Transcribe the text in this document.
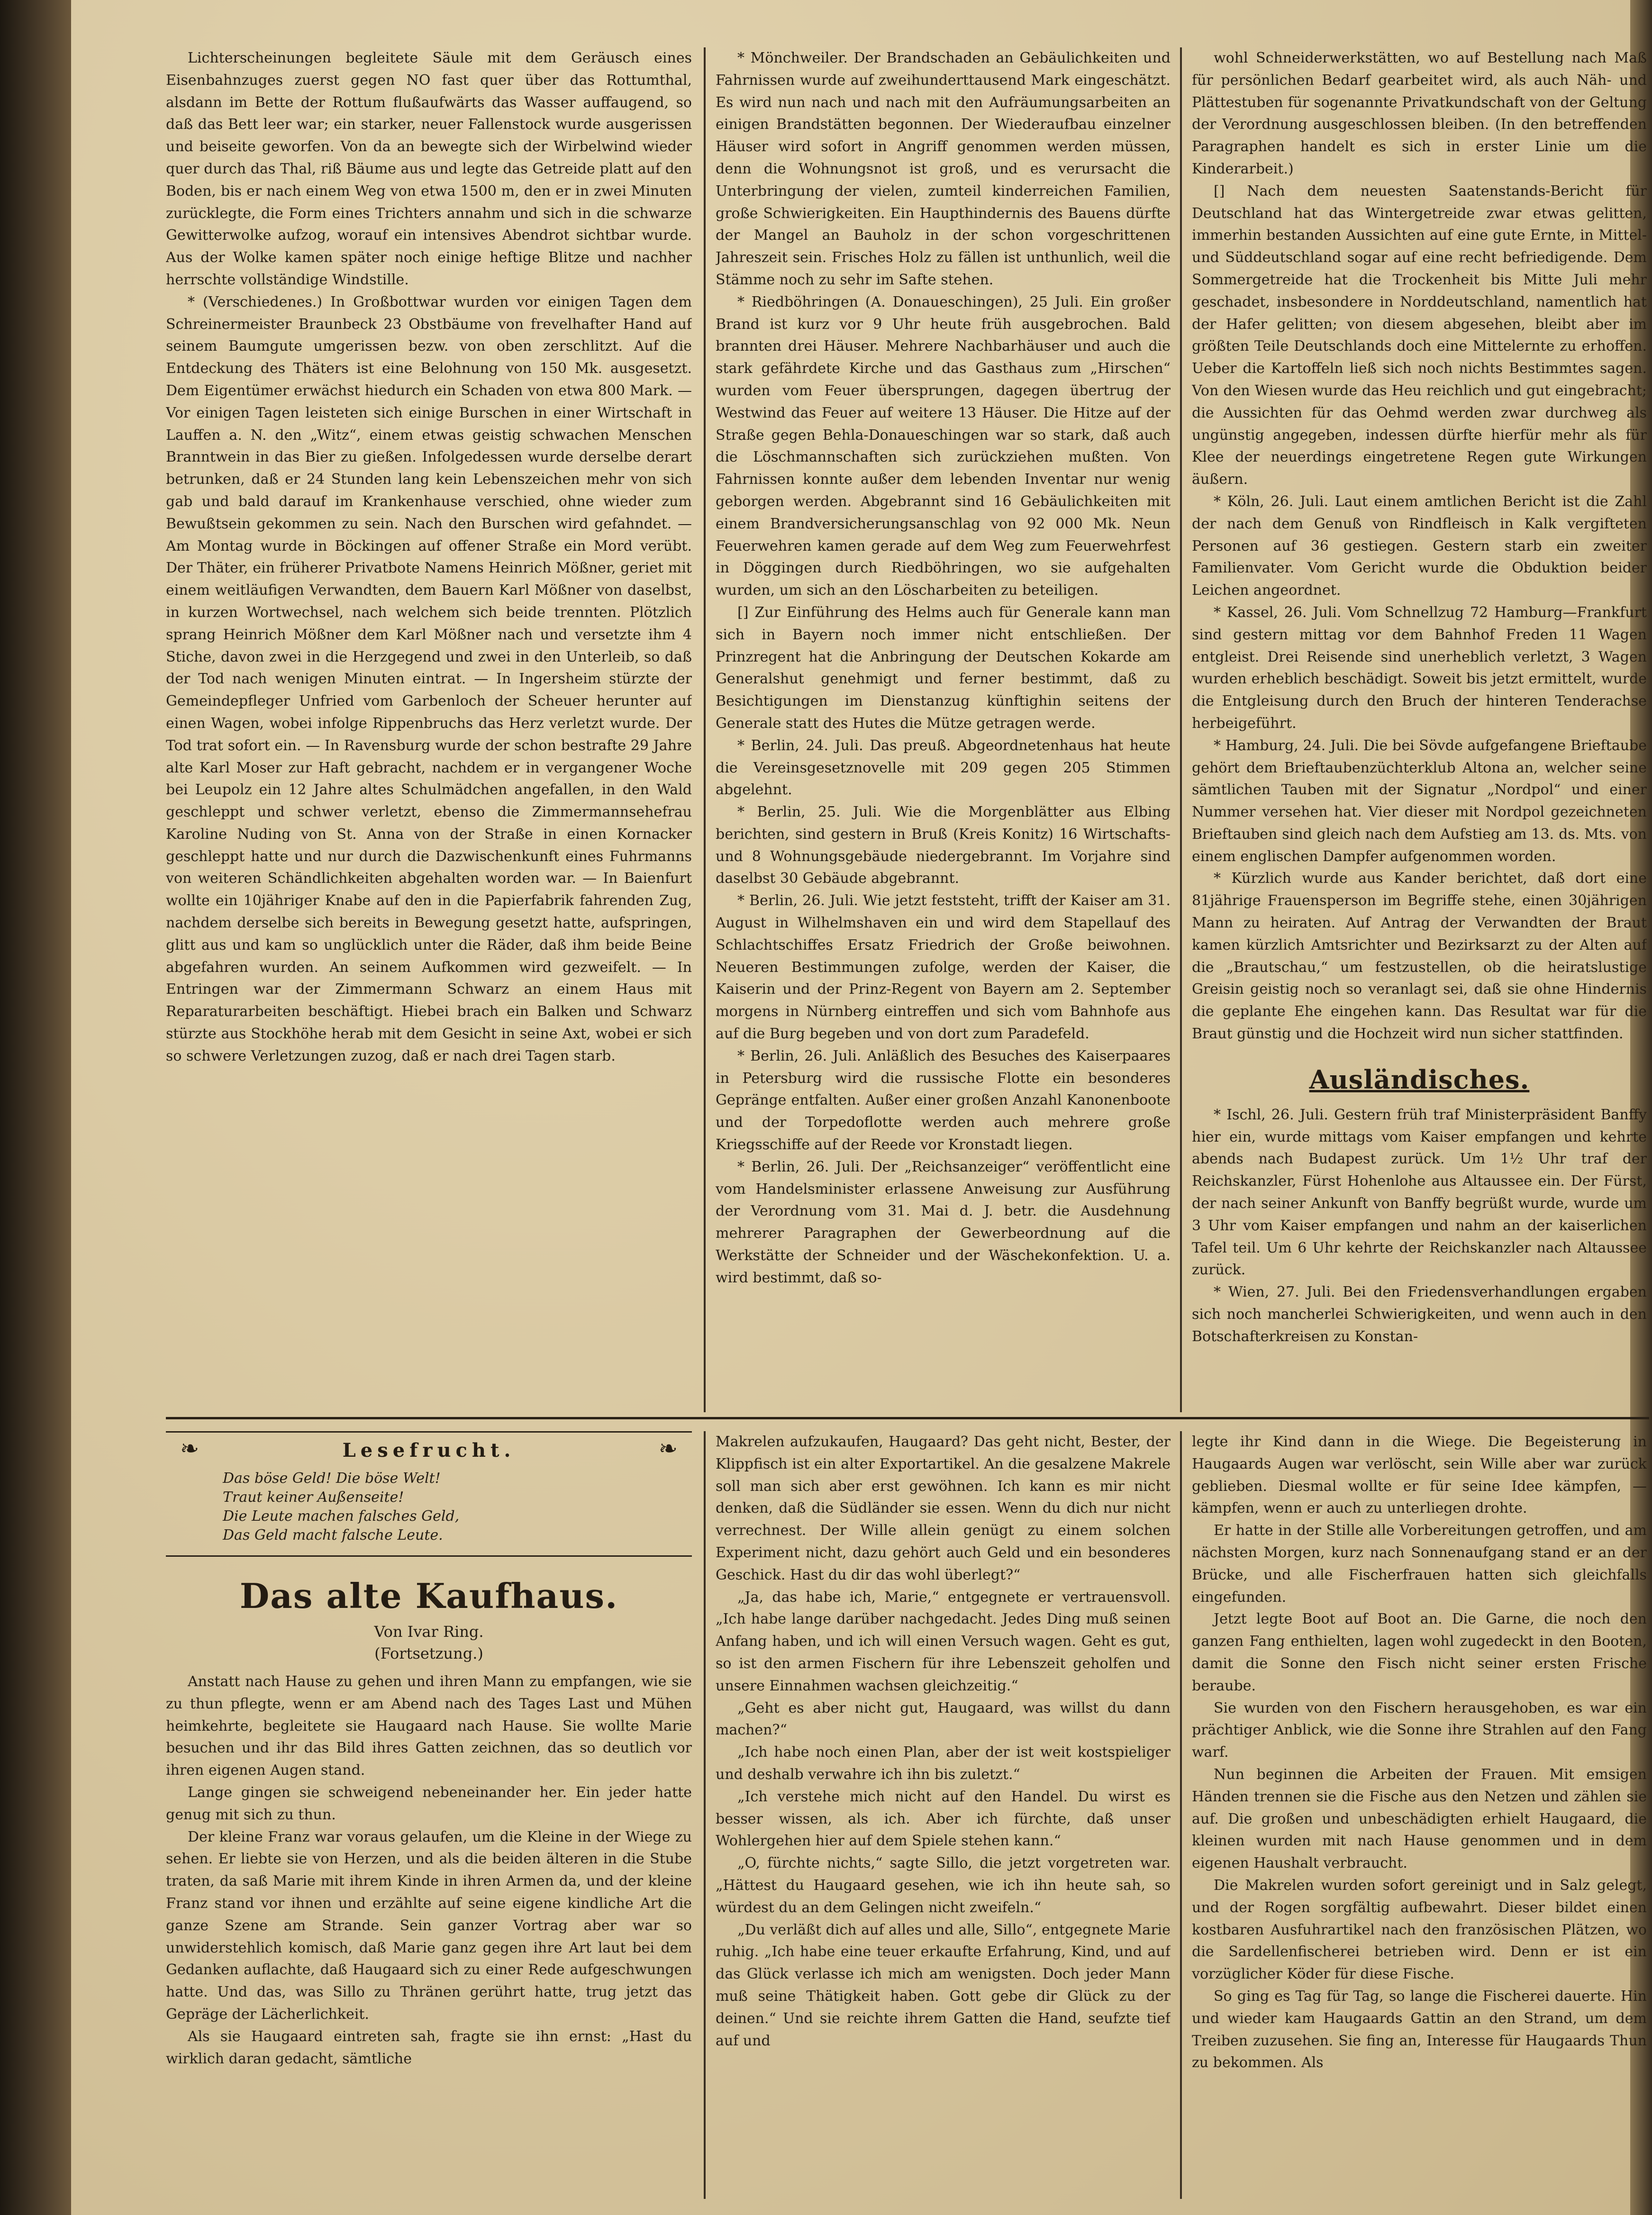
Lichterscheinungen begleitete Säule mit dem Geräusch eines Eisenbahnzuges zuerst gegen NO fast quer über das Rottumthal, alsdann im Bette der Rottum flußaufwärts das Wasser auffaugend, so daß das Bett leer war; ein starker, neuer Fallenstock wurde ausgerissen und beiseite geworfen. Von da an bewegte sich der Wirbelwind wieder quer durch das Thal, riß Bäume aus und legte das Getreide platt auf den Boden, bis er nach einem Weg von etwa 1500 m, den er in zwei Minuten zurücklegte, die Form eines Trichters annahm und sich in die schwarze Gewitterwolke aufzog, worauf ein intensives Abendrot sichtbar wurde. Aus der Wolke kamen später noch einige heftige Blitze und nachher herrschte vollständige Windstille.

* (Verschiedenes.) In Großbottwar wurden vor einigen Tagen dem Schreinermeister Braunbeck 23 Obstbäume von frevelhafter Hand auf seinem Baumgute umgerissen bezw. von oben zerschlitzt. Auf die Entdeckung des Thäters ist eine Belohnung von 150 Mk. ausgesetzt. Dem Eigentümer erwächst hiedurch ein Schaden von etwa 800 Mark. — Vor einigen Tagen leisteten sich einige Burschen in einer Wirtschaft in Lauffen a. N. den „Witz“, einem etwas geistig schwachen Menschen Branntwein in das Bier zu gießen. Infolgedessen wurde derselbe derart betrunken, daß er 24 Stunden lang kein Lebenszeichen mehr von sich gab und bald darauf im Krankenhause verschied, ohne wieder zum Bewußtsein gekommen zu sein. Nach den Burschen wird gefahndet. — Am Montag wurde in Böckingen auf offener Straße ein Mord verübt. Der Thäter, ein früherer Privatbote Namens Heinrich Mößner, geriet mit einem weitläufigen Verwandten, dem Bauern Karl Mößner von daselbst, in kurzen Wortwechsel, nach welchem sich beide trennten. Plötzlich sprang Heinrich Mößner dem Karl Mößner nach und versetzte ihm 4 Stiche, davon zwei in die Herzgegend und zwei in den Unterleib, so daß der Tod nach wenigen Minuten eintrat. — In Ingersheim stürzte der Gemeindepfleger Unfried vom Garbenloch der Scheuer herunter auf einen Wagen, wobei infolge Rippenbruchs das Herz verletzt wurde. Der Tod trat sofort ein. — In Ravensburg wurde der schon bestrafte 29 Jahre alte Karl Moser zur Haft gebracht, nachdem er in vergangener Woche bei Leupolz ein 12 Jahre altes Schulmädchen angefallen, in den Wald geschleppt und schwer verletzt, ebenso die Zimmermannsehefrau Karoline Nuding von St. Anna von der Straße in einen Kornacker geschleppt hatte und nur durch die Dazwischenkunft eines Fuhrmanns von weiteren Schändlichkeiten abgehalten worden war. — In Baienfurt wollte ein 10jähriger Knabe auf den in die Papierfabrik fahrenden Zug, nachdem derselbe sich bereits in Bewegung gesetzt hatte, aufspringen, glitt aus und kam so unglücklich unter die Räder, daß ihm beide Beine abgefahren wurden. An seinem Aufkommen wird gezweifelt. — In Entringen war der Zimmermann Schwarz an einem Haus mit Reparaturarbeiten beschäftigt. Hiebei brach ein Balken und Schwarz stürzte aus Stockhöhe herab mit dem Gesicht in seine Axt, wobei er sich so schwere Verletzungen zuzog, daß er nach drei Tagen starb.

* Mönchweiler. Der Brandschaden an Gebäulichkeiten und Fahrnissen wurde auf zweihunderttausend Mark eingeschätzt. Es wird nun nach und nach mit den Aufräumungsarbeiten an einigen Brandstätten begonnen. Der Wiederaufbau einzelner Häuser wird sofort in Angriff genommen werden müssen, denn die Wohnungsnot ist groß, und es verursacht die Unterbringung der vielen, zumteil kinderreichen Familien, große Schwierigkeiten. Ein Haupthindernis des Bauens dürfte der Mangel an Bauholz in der schon vorgeschrittenen Jahreszeit sein. Frisches Holz zu fällen ist unthunlich, weil die Stämme noch zu sehr im Safte stehen.

* Riedböhringen (A. Donaueschingen), 25 Juli. Ein großer Brand ist kurz vor 9 Uhr heute früh ausgebrochen. Bald brannten drei Häuser. Mehrere Nachbarhäuser und auch die stark gefährdete Kirche und das Gasthaus zum „Hirschen“ wurden vom Feuer übersprungen, dagegen übertrug der Westwind das Feuer auf weitere 13 Häuser. Die Hitze auf der Straße gegen Behla-Donaueschingen war so stark, daß auch die Löschmannschaften sich zurückziehen mußten. Von Fahrnissen konnte außer dem lebenden Inventar nur wenig geborgen werden. Abgebrannt sind 16 Gebäulichkeiten mit einem Brandversicherungsanschlag von 92 000 Mk. Neun Feuerwehren kamen gerade auf dem Weg zum Feuerwehrfest in Döggingen durch Riedböhringen, wo sie aufgehalten wurden, um sich an den Löscharbeiten zu beteiligen.

[] Zur Einführung des Helms auch für Generale kann man sich in Bayern noch immer nicht entschließen. Der Prinzregent hat die Anbringung der Deutschen Kokarde am Generalshut genehmigt und ferner bestimmt, daß zu Besichtigungen im Dienstanzug künftighin seitens der Generale statt des Hutes die Mütze getragen werde.

* Berlin, 24. Juli. Das preuß. Abgeordnetenhaus hat heute die Vereinsgesetznovelle mit 209 gegen 205 Stimmen abgelehnt.

* Berlin, 25. Juli. Wie die Morgenblätter aus Elbing berichten, sind gestern in Bruß (Kreis Konitz) 16 Wirtschafts- und 8 Wohnungsgebäude niedergebrannt. Im Vorjahre sind daselbst 30 Gebäude abgebrannt.

* Berlin, 26. Juli. Wie jetzt feststeht, trifft der Kaiser am 31. August in Wilhelmshaven ein und wird dem Stapellauf des Schlachtschiffes Ersatz Friedrich der Große beiwohnen. Neueren Bestimmungen zufolge, werden der Kaiser, die Kaiserin und der Prinz-Regent von Bayern am 2. September morgens in Nürnberg eintreffen und sich vom Bahnhofe aus auf die Burg begeben und von dort zum Paradefeld.

* Berlin, 26. Juli. Anläßlich des Besuches des Kaiserpaares in Petersburg wird die russische Flotte ein besonderes Gepränge entfalten. Außer einer großen Anzahl Kanonenboote und der Torpedoflotte werden auch mehrere große Kriegsschiffe auf der Reede vor Kronstadt liegen.

* Berlin, 26. Juli. Der „Reichsanzeiger“ veröffentlicht eine vom Handelsminister erlassene Anweisung zur Ausführung der Verordnung vom 31. Mai d. J. betr. die Ausdehnung mehrerer Paragraphen der Gewerbeordnung auf die Werkstätte der Schneider und der Wäschekonfektion. U. a. wird bestimmt, daß so-

wohl Schneiderwerkstätten, wo auf Bestellung nach Maß für persönlichen Bedarf gearbeitet wird, als auch Näh- und Plättestuben für sogenannte Privatkundschaft von der Geltung der Verordnung ausgeschlossen bleiben. (In den betreffenden Paragraphen handelt es sich in erster Linie um die Kinderarbeit.)

[] Nach dem neuesten Saatenstands-Bericht für Deutschland hat das Wintergetreide zwar etwas gelitten, immerhin bestanden Aussichten auf eine gute Ernte, in Mittel- und Süddeutschland sogar auf eine recht befriedigende. Dem Sommergetreide hat die Trockenheit bis Mitte Juli mehr geschadet, insbesondere in Norddeutschland, namentlich hat der Hafer gelitten; von diesem abgesehen, bleibt aber im größten Teile Deutschlands doch eine Mittelernte zu erhoffen. Ueber die Kartoffeln ließ sich noch nichts Bestimmtes sagen. Von den Wiesen wurde das Heu reichlich und gut eingebracht; die Aussichten für das Oehmd werden zwar durchweg als ungünstig angegeben, indessen dürfte hierfür mehr als für Klee der neuerdings eingetretene Regen gute Wirkungen äußern.

* Köln, 26. Juli. Laut einem amtlichen Bericht ist die Zahl der nach dem Genuß von Rindfleisch in Kalk vergifteten Personen auf 36 gestiegen. Gestern starb ein zweiter Familienvater. Vom Gericht wurde die Obduktion beider Leichen angeordnet.

* Kassel, 26. Juli. Vom Schnellzug 72 Hamburg—Frankfurt sind gestern mittag vor dem Bahnhof Freden 11 Wagen entgleist. Drei Reisende sind unerheblich verletzt, 3 Wagen wurden erheblich beschädigt. Soweit bis jetzt ermittelt, wurde die Entgleisung durch den Bruch der hinteren Tenderachse herbeigeführt.

* Hamburg, 24. Juli. Die bei Sövde aufgefangene Brieftaube gehört dem Brieftaubenzüchterklub Altona an, welcher seine sämtlichen Tauben mit der Signatur „Nordpol“ und einer Nummer versehen hat. Vier dieser mit Nordpol gezeichneten Brieftauben sind gleich nach dem Aufstieg am 13. ds. Mts. von einem englischen Dampfer aufgenommen worden.

* Kürzlich wurde aus Kander berichtet, daß dort eine 81jährige Frauensperson im Begriffe stehe, einen 30jährigen Mann zu heiraten. Auf Antrag der Verwandten der Braut kamen kürzlich Amtsrichter und Bezirksarzt zu der Alten auf die „Brautschau,“ um festzustellen, ob die heiratslustige Greisin geistig noch so veranlagt sei, daß sie ohne Hindernis die geplante Ehe eingehen kann. Das Resultat war für die Braut günstig und die Hochzeit wird nun sicher stattfinden.

Ausländisches.

* Ischl, 26. Juli. Gestern früh traf Ministerpräsident Banffy hier ein, wurde mittags vom Kaiser empfangen und kehrte abends nach Budapest zurück. Um 1½ Uhr traf der Reichskanzler, Fürst Hohenlohe aus Altaussee ein. Der Fürst, der nach seiner Ankunft von Banffy begrüßt wurde, wurde um 3 Uhr vom Kaiser empfangen und nahm an der kaiserlichen Tafel teil. Um 6 Uhr kehrte der Reichskanzler nach Altaussee zurück.

* Wien, 27. Juli. Bei den Friedensverhandlungen ergaben sich noch mancherlei Schwierigkeiten, und wenn auch in den Botschafterkreisen zu Konstan-

❧	❧
Lesefrucht.
Das böse Geld! Die böse Welt!
Traut keiner Außenseite!
Die Leute machen falsches Geld,
Das Geld macht falsche Leute.
Das alte Kaufhaus.
Von Ivar Ring.
(Fortsetzung.)

Anstatt nach Hause zu gehen und ihren Mann zu empfangen, wie sie zu thun pflegte, wenn er am Abend nach des Tages Last und Mühen heimkehrte, begleitete sie Haugaard nach Hause. Sie wollte Marie besuchen und ihr das Bild ihres Gatten zeichnen, das so deutlich vor ihren eigenen Augen stand.

Lange gingen sie schweigend nebeneinander her. Ein jeder hatte genug mit sich zu thun.

Der kleine Franz war voraus gelaufen, um die Kleine in der Wiege zu sehen. Er liebte sie von Herzen, und als die beiden älteren in die Stube traten, da saß Marie mit ihrem Kinde in ihren Armen da, und der kleine Franz stand vor ihnen und erzählte auf seine eigene kindliche Art die ganze Szene am Strande. Sein ganzer Vortrag aber war so unwiderstehlich komisch, daß Marie ganz gegen ihre Art laut bei dem Gedanken auflachte, daß Haugaard sich zu einer Rede aufgeschwungen hatte. Und das, was Sillo zu Thränen gerührt hatte, trug jetzt das Gepräge der Lächerlichkeit.

Als sie Haugaard eintreten sah, fragte sie ihn ernst: „Hast du wirklich daran gedacht, sämtliche

Makrelen aufzukaufen, Haugaard? Das geht nicht, Bester, der Klippfisch ist ein alter Exportartikel. An die gesalzene Makrele soll man sich aber erst gewöhnen. Ich kann es mir nicht denken, daß die Südländer sie essen. Wenn du dich nur nicht verrechnest. Der Wille allein genügt zu einem solchen Experiment nicht, dazu gehört auch Geld und ein besonderes Geschick. Hast du dir das wohl überlegt?“

„Ja, das habe ich, Marie,“ entgegnete er vertrauensvoll. „Ich habe lange darüber nachgedacht. Jedes Ding muß seinen Anfang haben, und ich will einen Versuch wagen. Geht es gut, so ist den armen Fischern für ihre Lebenszeit geholfen und unsere Einnahmen wachsen gleichzeitig.“

„Geht es aber nicht gut, Haugaard, was willst du dann machen?“

„Ich habe noch einen Plan, aber der ist weit kostspieliger und deshalb verwahre ich ihn bis zuletzt.“

„Ich verstehe mich nicht auf den Handel. Du wirst es besser wissen, als ich. Aber ich fürchte, daß unser Wohlergehen hier auf dem Spiele stehen kann.“

„O, fürchte nichts,“ sagte Sillo, die jetzt vorgetreten war. „Hättest du Haugaard gesehen, wie ich ihn heute sah, so würdest du an dem Gelingen nicht zweifeln.“

„Du verläßt dich auf alles und alle, Sillo“, entgegnete Marie ruhig. „Ich habe eine teuer erkaufte Erfahrung, Kind, und auf das Glück verlasse ich mich am wenigsten. Doch jeder Mann muß seine Thätigkeit haben. Gott gebe dir Glück zu der deinen.“ Und sie reichte ihrem Gatten die Hand, seufzte tief auf und

legte ihr Kind dann in die Wiege. Die Begeisterung in Haugaards Augen war verlöscht, sein Wille aber war zurück geblieben. Diesmal wollte er für seine Idee kämpfen, — kämpfen, wenn er auch zu unterliegen drohte.

Er hatte in der Stille alle Vorbereitungen getroffen, und am nächsten Morgen, kurz nach Sonnenaufgang stand er an der Brücke, und alle Fischerfrauen hatten sich gleichfalls eingefunden.

Jetzt legte Boot auf Boot an. Die Garne, die noch den ganzen Fang enthielten, lagen wohl zugedeckt in den Booten, damit die Sonne den Fisch nicht seiner ersten Frische beraube.

Sie wurden von den Fischern herausgehoben, es war ein prächtiger Anblick, wie die Sonne ihre Strahlen auf den Fang warf.

Nun beginnen die Arbeiten der Frauen. Mit emsigen Händen trennen sie die Fische aus den Netzen und zählen sie auf. Die großen und unbeschädigten erhielt Haugaard, die kleinen wurden mit nach Hause genommen und in dem eigenen Haushalt verbraucht.

Die Makrelen wurden sofort gereinigt und in Salz gelegt, und der Rogen sorgfältig aufbewahrt. Dieser bildet einen kostbaren Ausfuhrartikel nach den französischen Plätzen, wo die Sardellenfischerei betrieben wird. Denn er ist ein vorzüglicher Köder für diese Fische.

So ging es Tag für Tag, so lange die Fischerei dauerte. Hin und wieder kam Haugaards Gattin an den Strand, um dem Treiben zuzusehen. Sie fing an, Interesse für Haugaards Thun zu bekommen. Als
